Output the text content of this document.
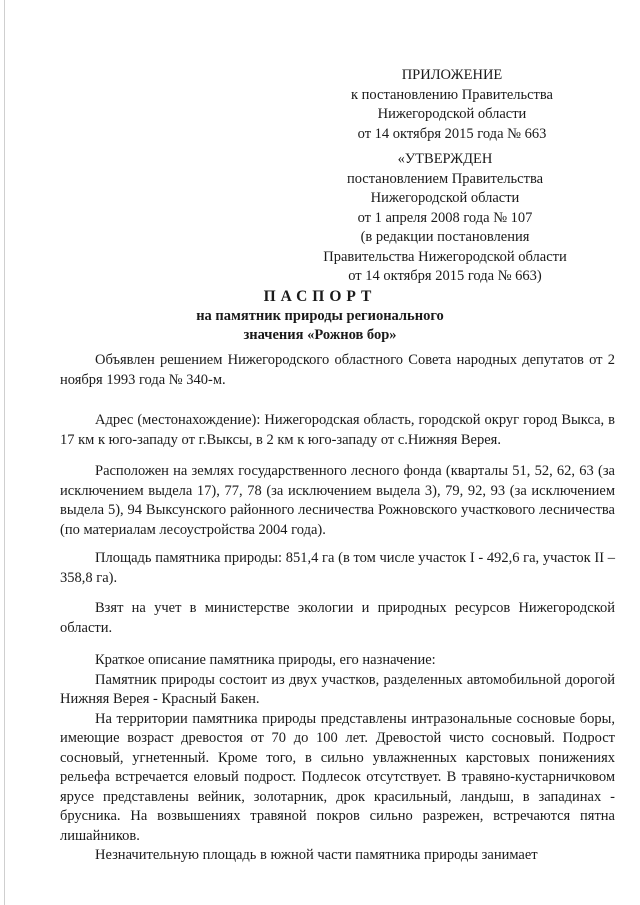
ПРИЛОЖЕНИЕ
к постановлению Правительства
Нижегородской области
от 14 октября 2015 года № 663
«УТВЕРЖДЕН
постановлением Правительства
Нижегородской области
от 1 апреля 2008 года № 107
(в редакции постановления
Правительства Нижегородской области
от 14 октября 2015 года № 663)
ПАСПОРТ
на памятник природы регионального
значения «Рожнов бор»
Объявлен решением Нижегородского областного Совета народных депутатов от 2 ноября 1993 года № 340-м.
Адрес (местонахождение): Нижегородская область, городской округ город Выкса, в 17 км к юго-западу от г.Выксы, в 2 км к юго-западу от с.Нижняя Верея.
Расположен на землях государственного лесного фонда (кварталы 51, 52, 62, 63 (за исключением выдела 17), 77, 78 (за исключением выдела 3), 79, 92, 93 (за исключением выдела 5), 94 Выксунского районного лесничества Рожновского участкового лесничества (по материалам лесоустройства 2004 года).
Площадь памятника природы: 851,4 га (в том числе участок I - 492,6 га, участок II – 358,8 га).
Взят на учет в министерстве экологии и природных ресурсов Нижегородской области.
Краткое описание памятника природы, его назначение:
Памятник природы состоит из двух участков, разделенных автомобильной дорогой Нижняя Верея - Красный Бакен.
На территории памятника природы представлены интразональные сосновые боры, имеющие возраст древостоя от 70 до 100 лет. Древостой чисто сосновый. Подрост сосновый, угнетенный. Кроме того, в сильно увлажненных карстовых понижениях рельефа встречается еловый подрост. Подлесок отсутствует. В травяно-кустарничковом ярусе представлены вейник, золотарник, дрок красильный, ландыш, в западинах - брусника. На возвышениях травяной покров сильно разрежен, встречаются пятна лишайников.
Незначительную площадь в южной части памятника природы занимает
